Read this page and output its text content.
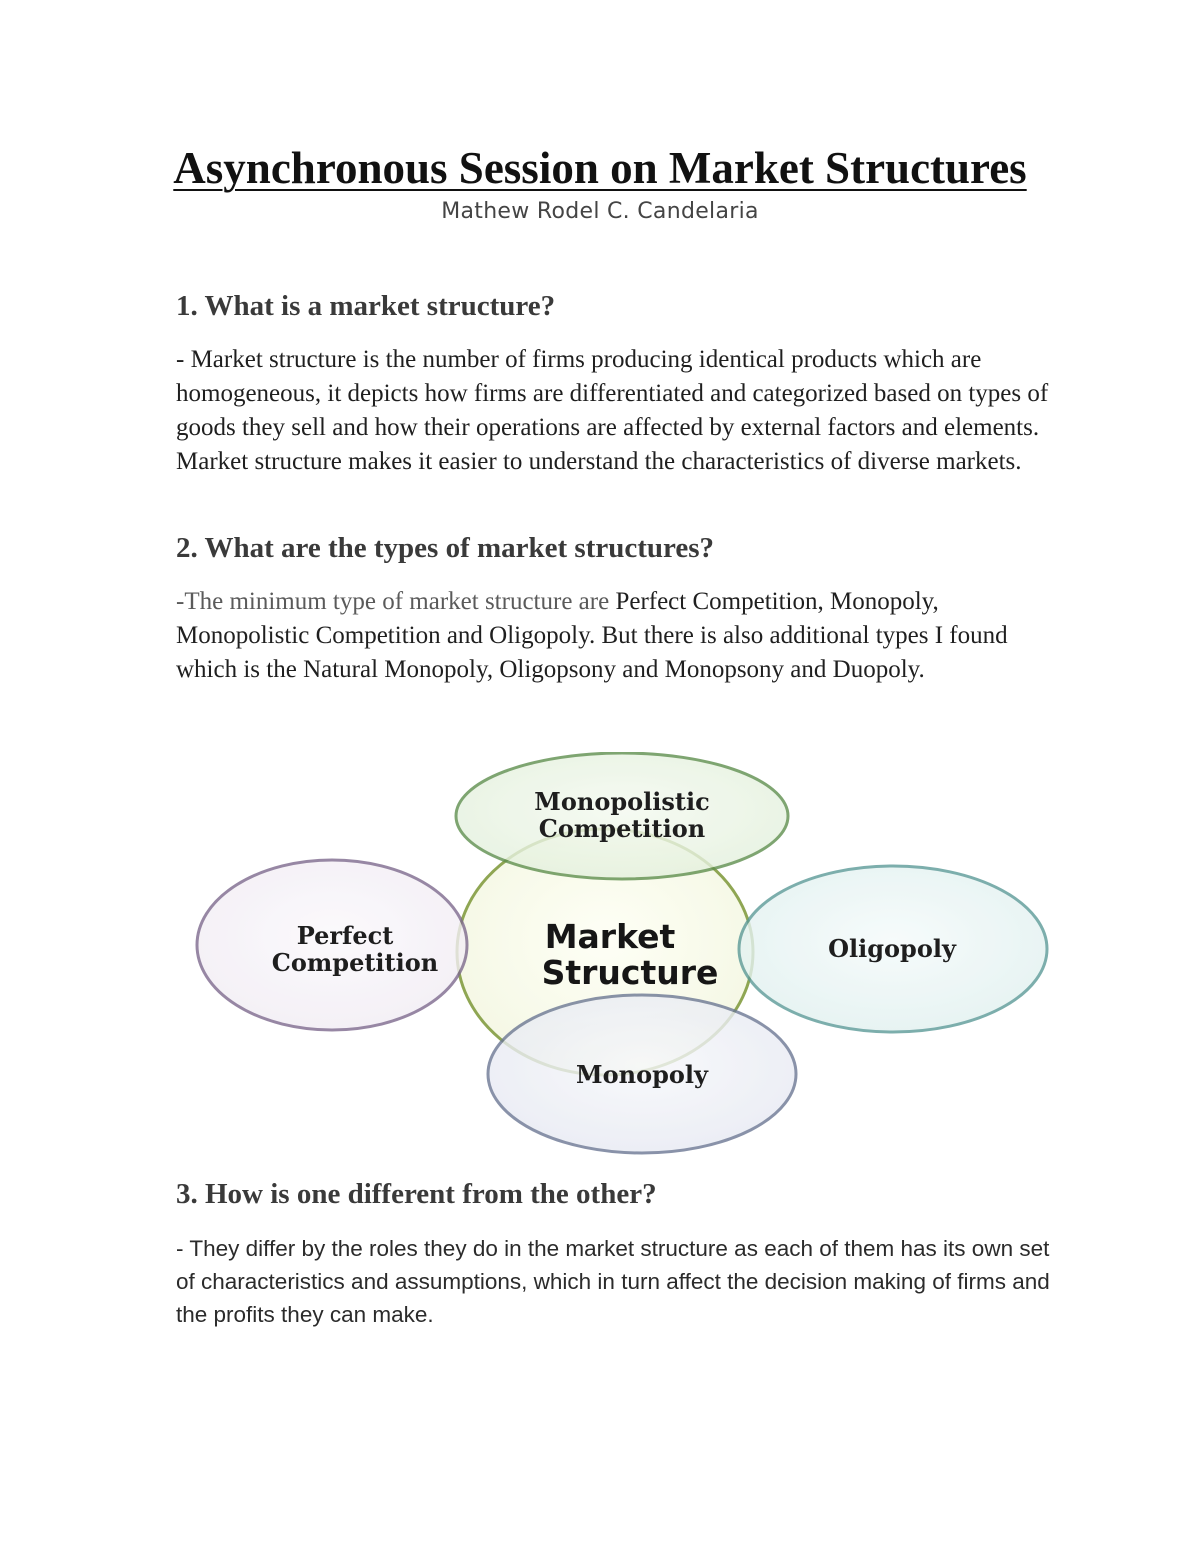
Asynchronous Session on Market Structures
Mathew Rodel C. Candelaria
1. What is a market structure?

- Market structure is the number of firms producing identical products which are homogeneous, it depicts how firms are differentiated and categorized based on types of goods they sell and how their operations are affected by external factors and elements. Market structure makes it easier to understand the characteristics of diverse markets.

2. What are the types of market structures?

-The minimum type of market structure are Perfect Competition, Monopoly, Monopolistic Competition and Oligopoly. But there is also additional types I found which is the Natural Monopoly, Oligopsony and Monopsony and Duopoly.

Monopolistic
Competition
Perfect
Competition	Oligopoly
Monopoly
Market
Structure
3. How is one different from the other?

- They differ by the roles they do in the market structure as each of them has its own set of characteristics and assumptions, which in turn affect the decision making of firms and the profits they can make.
